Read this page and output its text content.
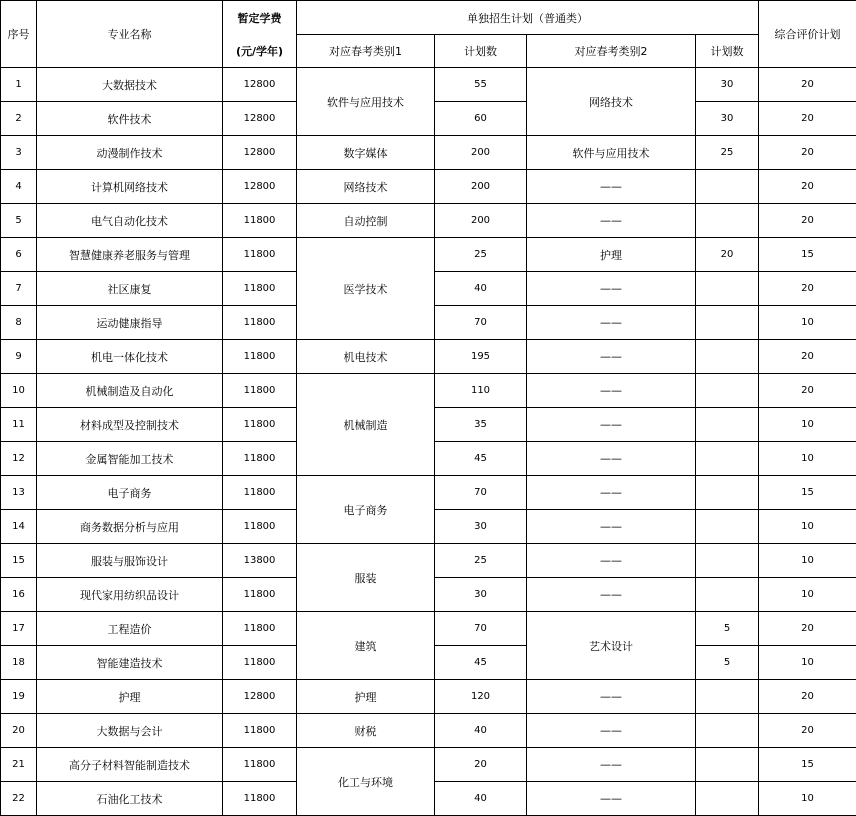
序号	专业名称	暂定学费	单独招生计划（普通类）				综合评价计划
		(元/学年)	对应春考类别1	计划数	对应春考类别2	计划数	
1	大数据技术	12800	软件与应用技术	55	网络技术	30	20
2	软件技术	12800		60		30	20
3	动漫制作技术	12800	数字媒体	200	软件与应用技术	25	20
4	计算机网络技术	12800	网络技术	200	——		20
5	电气自动化技术	11800	自动控制	200	——		20
6	智慧健康养老服务与管理	11800	医学技术	25	护理	20	15
7	社区康复	11800		40	——		20
8	运动健康指导	11800		70	——		10
9	机电一体化技术	11800	机电技术	195	——		20
10	机械制造及自动化	11800	机械制造	110	——		20
11	材料成型及控制技术	11800		35	——		10
12	金属智能加工技术	11800		45	——		10
13	电子商务	11800	电子商务	70	——		15
14	商务数据分析与应用	11800		30	——		10
15	服装与服饰设计	13800	服装	25	——		10
16	现代家用纺织品设计	11800		30	——		10
17	工程造价	11800	建筑	70	艺术设计	5	20
18	智能建造技术	11800		45		5	10
19	护理	12800	护理	120	——		20
20	大数据与会计	11800	财税	40	——		20
21	高分子材料智能制造技术	11800	化工与环境	20	——		15
22	石油化工技术	11800		40	——		10
